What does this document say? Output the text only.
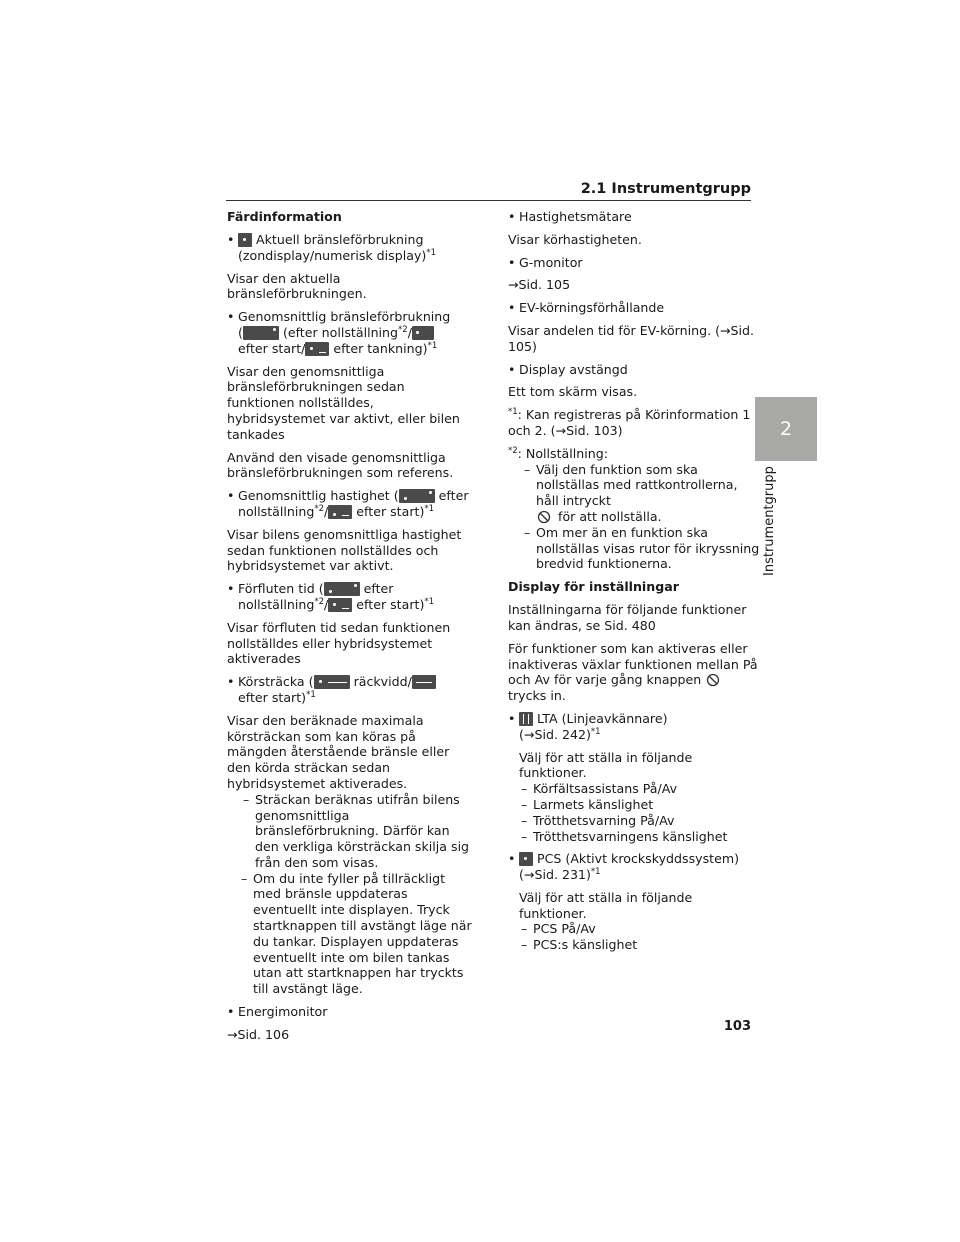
2.1 Instrumentgrupp
2
Instrumentgrupp
Färdinformation
• Aktuell bränsleförbrukning (zondisplay/numerisk display)$^{*1}$

Visar den aktuella bränsleförbrukningen.

• Genomsnittlig bränsleförbrukning
(	(efter nollställning$^{*2}$/

efter start/ efter tankning)$^{*1}$

Visar den genomsnittliga bränsleförbrukningen sedan funktionen nollställdes, hybridsystemet var aktivt, eller bilen tankades

Använd den visade genomsnittliga bränsleförbrukningen som referens.

• Genomsnittlig hastighet (	efter
nollställning$^{*2}$/ efter start)$^{*1}$

Visar bilens genomsnittliga hastighet sedan funktionen nollställdes och hybridsystemet var aktivt.

• Förfluten tid (	efter
nollställning$^{*2}$/ efter start)$^{*1}$

Visar förfluten tid sedan funktionen nollställdes eller hybridsystemet aktiverades

• Körsträcka (	räckvidd/

efter start)$^{*1}$
Visar den beräknade maximala körsträckan som kan köras på mängden återstående bränsle eller den körda sträckan sedan hybridsystemet aktiverades.
– Sträckan beräknas utifrån bilens genomsnittliga bränsleförbrukning. Därför kan den verkliga körsträckan skilja sig från den som visas.
– Om du inte fyller på tillräckligt med bränsle uppdateras eventuellt inte displayen. Tryck startknappen till avstängt läge när du tankar. Displayen uppdateras eventuellt inte om bilen tankas utan att startknappen har tryckts till avstängt läge.
• Energimonitor

→Sid. 106

• Hastighetsmätare

Visar körhastigheten.

• G-monitor

→Sid. 105

• EV-körningsförhållande

Visar andelen tid för EV-körning. (→Sid. 105)

• Display avstängd

Ett tom skärm visas.

$^{*1}$: Kan registreras på Körinformation 1 och 2. (→Sid. 103)

$^{*2}$: Nollställning:
– Välj den funktion som ska nollställas med rattkontrollerna, håll intryckt
för att nollställa.
– Om mer än en funktion ska nollställas visas rutor för ikryssning bredvid funktionerna.
Display för inställningar

Inställningarna för följande funktioner kan ändras, se Sid. 480

För funktioner som kan aktiveras eller inaktiveras växlar funktionen mellan På och Av för varje gång knappen  trycks in.

• LTA (Linjeavkännare)
(→Sid. 242)$^{*1}$
Välj för att ställa in följande funktioner.
– Körfältsassistans På/Av
– Larmets känslighet
– Trötthetsvarning På/Av
– Trötthetsvarningens känslighet
• PCS (Aktivt krockskyddssystem)
(→Sid. 231)$^{*1}$
Välj för att ställa in följande funktioner.
– PCS På/Av
– PCS:s känslighet
103
